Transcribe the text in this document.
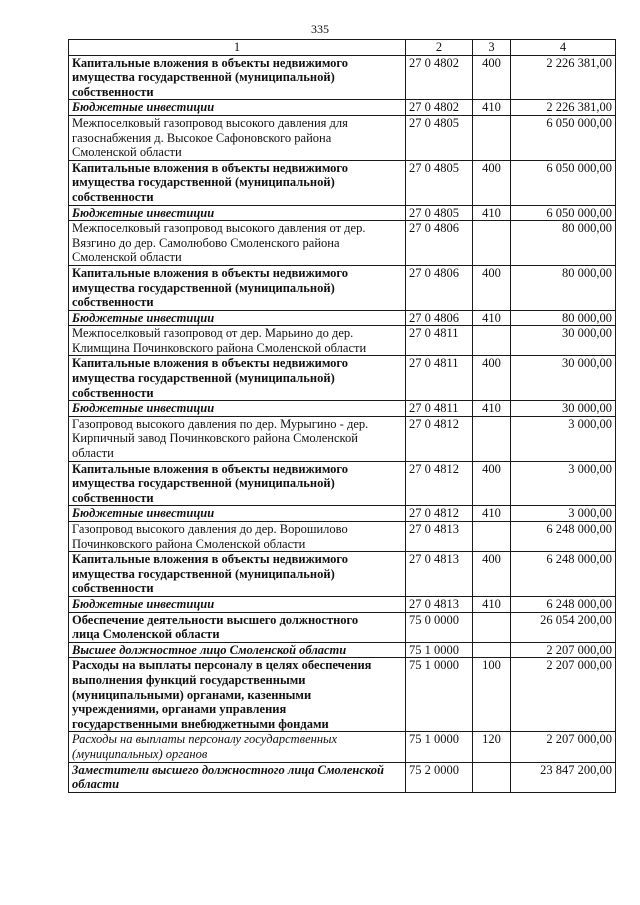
335
1	2	3	4
Капитальные вложения в объекты недвижимого
имущества государственной (муниципальной)
собственности	27 0 4802	400	2 226 381,00
Бюджетные инвестиции	27 0 4802	410	2 226 381,00
Межпоселковый газопровод высокого давления для
газоснабжения д. Высокое Сафоновского района
Смоленской области	27 0 4805		6 050 000,00
Капитальные вложения в объекты недвижимого
имущества государственной (муниципальной)
собственности	27 0 4805	400	6 050 000,00
Бюджетные инвестиции	27 0 4805	410	6 050 000,00
Межпоселковый газопровод высокого давления от дер.
Вязгино до дер. Самолюбово Смоленского района
Смоленской области	27 0 4806		80 000,00
Капитальные вложения в объекты недвижимого
имущества государственной (муниципальной)
собственности	27 0 4806	400	80 000,00
Бюджетные инвестиции	27 0 4806	410	80 000,00
Межпоселковый газопровод от дер. Марьино до дер.
Климщина Починковского района Смоленской области	27 0 4811		30 000,00
Капитальные вложения в объекты недвижимого
имущества государственной (муниципальной)
собственности	27 0 4811	400	30 000,00
Бюджетные инвестиции	27 0 4811	410	30 000,00
Газопровод высокого давления по дер. Мурыгино - дер.
Кирпичный завод Починковского района Смоленской
области	27 0 4812		3 000,00
Капитальные вложения в объекты недвижимого
имущества государственной (муниципальной)
собственности	27 0 4812	400	3 000,00
Бюджетные инвестиции	27 0 4812	410	3 000,00
Газопровод высокого давления до дер. Ворошилово
Починковского района Смоленской области	27 0 4813		6 248 000,00
Капитальные вложения в объекты недвижимого
имущества государственной (муниципальной)
собственности	27 0 4813	400	6 248 000,00
Бюджетные инвестиции	27 0 4813	410	6 248 000,00
Обеспечение деятельности высшего должностного
лица Смоленской области	75 0 0000		26 054 200,00
Высшее должностное лицо Смоленской области	75 1 0000		2 207 000,00
Расходы на выплаты персоналу в целях обеспечения
выполнения функций государственными
(муниципальными) органами, казенными
учреждениями, органами управления
государственными внебюджетными фондами	75 1 0000	100	2 207 000,00
Расходы на выплаты персоналу государственных
(муниципальных) органов	75 1 0000	120	2 207 000,00
Заместители высшего должностного лица Смоленской
области	75 2 0000		23 847 200,00
